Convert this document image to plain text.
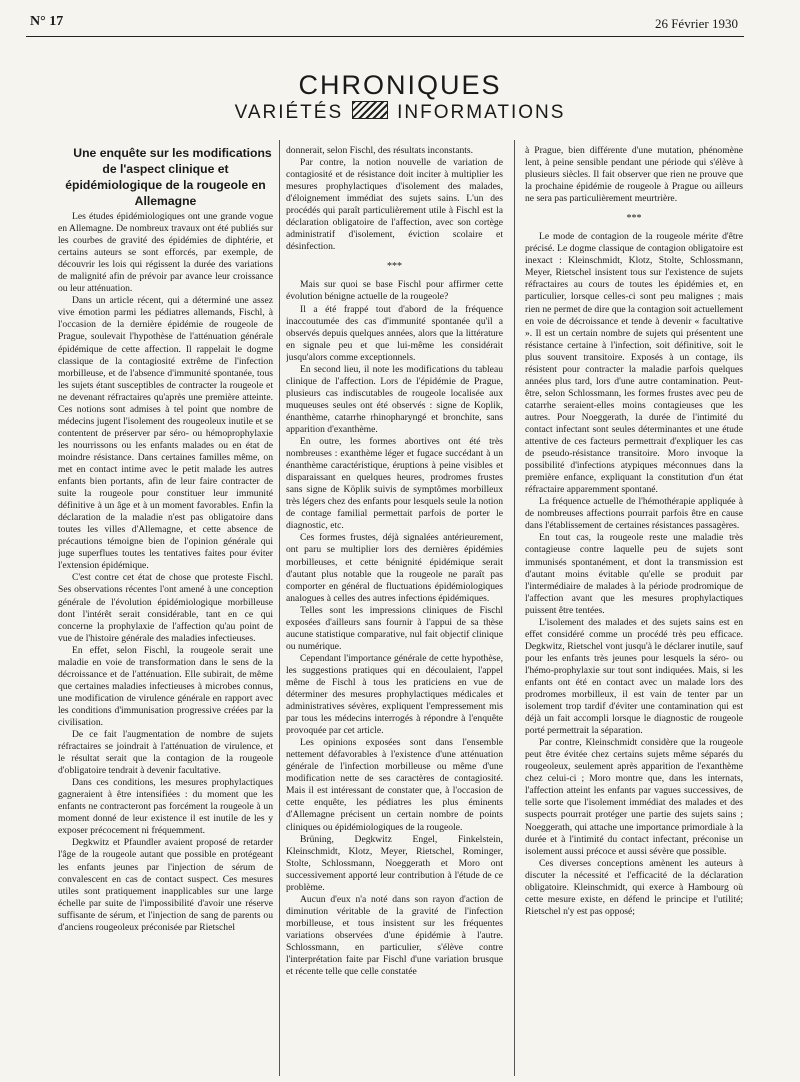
N° 17	26 Février 1930
CHRONIQUES
VARIÉTÉS	INFORMATIONS

Une enquête sur les modifications de l'aspect clinique et épidémiologique de la rougeole en Allemagne

Les études épidémiologiques ont une grande vogue en Allemagne. De nombreux travaux ont été publiés sur les courbes de gravité des épidémies de diphtérie, et certains auteurs se sont efforcés, par exemple, de découvrir les lois qui régissent la durée des variations de malignité afin de prévoir par avance leur croissance ou leur atténuation.

Dans un article récent, qui a déterminé une assez vive émotion parmi les pédiatres allemands, Fischl, à l'occasion de la dernière épidémie de rougeole de Prague, soulevait l'hypothèse de l'atténuation générale épidémique de cette affection. Il rappelait le dogme classique de la contagiosité extrême de l'infection morbilleuse, et de l'absence d'immunité spontanée, tous les sujets étant susceptibles de contracter la rougeole et ne devenant réfractaires qu'après une première atteinte. Ces notions sont admises à tel point que nombre de médecins jugent l'isolement des rougeoleux inutile et se contentent de préserver par séro- ou hémoprophylaxie les nourrissons ou les enfants malades ou en état de moindre résistance. Dans certaines familles même, on met en contact intime avec le petit malade les autres enfants bien portants, afin de leur faire contracter de suite la rougeole pour constituer leur immunité définitive à un âge et à un moment favorables. Enfin la déclaration de la maladie n'est pas obligatoire dans toutes les villes d'Allemagne, et cette absence de précautions témoigne bien de l'opinion générale qui juge superflues toutes les tentatives faites pour éviter l'extension épidémique.

C'est contre cet état de chose que proteste Fischl. Ses observations récentes l'ont amené à une conception générale de l'évolution épidémiologique morbilleuse dont l'intérêt serait considérable, tant en ce qui concerne la prophylaxie de l'affection qu'au point de vue de l'histoire générale des maladies infectieuses.

En effet, selon Fischl, la rougeole serait une maladie en voie de transformation dans le sens de la décroissance et de l'atténuation. Elle subirait, de même que certaines maladies infectieuses à microbes connus, une modification de virulence générale en rapport avec les conditions d'immunisation progressive créées par la civilisation.

De ce fait l'augmentation de nombre de sujets réfractaires se joindrait à l'atténuation de virulence, et le résultat serait que la contagion de la rougeole d'obligatoire tendrait à devenir facultative.

Dans ces conditions, les mesures prophylactiques gagneraient à être intensifiées : du moment que les enfants ne contracteront pas forcément la rougeole à un moment donné de leur existence il est inutile de les y exposer précocement ni fréquemment.

Degkwitz et Pfaundler avaient proposé de retarder l'âge de la rougeole autant que possible en protégeant les enfants jeunes par l'injection de sérum de convalescent en cas de contact suspect. Ces mesures utiles sont pratiquement inapplicables sur une large échelle par suite de l'impossibilité d'avoir une réserve suffisante de sérum, et l'injection de sang de parents ou d'anciens rougeoleux préconisée par Rietschel

donnerait, selon Fischl, des résultats inconstants.

Par contre, la notion nouvelle de variation de contagiosité et de résistance doit inciter à multiplier les mesures prophylactiques d'isolement des malades, d'éloignement immédiat des sujets sains. L'un des procédés qui paraît particulièrement utile à Fischl est la déclaration obligatoire de l'affection, avec son cortège administratif d'isolement, éviction scolaire et désinfection.

***

Mais sur quoi se base Fischl pour affirmer cette évolution bénigne actuelle de la rougeole?

Il a été frappé tout d'abord de la fréquence inaccoutumée des cas d'immunité spontanée qu'il a observés depuis quelques années, alors que la littérature en signale peu et que lui-même les considérait jusqu'alors comme exceptionnels.

En second lieu, il note les modifications du tableau clinique de l'affection. Lors de l'épidémie de Prague, plusieurs cas indiscutables de rougeole localisée aux muqueuses seules ont été observés : signe de Koplik, énanthème, catarrhe rhinopharyngé et bronchite, sans apparition d'exanthème.

En outre, les formes abortives ont été très nombreuses : exanthème léger et fugace succédant à un énanthème caractéristique, éruptions à peine visibles et disparaissant en quelques heures, prodromes frustes sans signe de Köplik suivis de symptômes morbilleux très légers chez des enfants pour lesquels seule la notion de contage familial permettait parfois de porter le diagnostic, etc.

Ces formes frustes, déjà signalées antérieurement, ont paru se multiplier lors des dernières épidémies morbilleuses, et cette bénignité épidémique serait d'autant plus notable que la rougeole ne paraît pas comporter en général de fluctuations épidémiologiques analogues à celles des autres infections épidémiques.

Telles sont les impressions cliniques de Fischl exposées d'ailleurs sans fournir à l'appui de sa thèse aucune statistique comparative, nul fait objectif clinique ou numérique.

Cependant l'importance générale de cette hypothèse, les suggestions pratiques qui en découlaient, l'appel même de Fischl à tous les praticiens en vue de déterminer des mesures prophylactiques médicales et administratives sévères, expliquent l'empressement mis par tous les médecins interrogés à répondre à l'enquête provoquée par cet article.

Les opinions exposées sont dans l'ensemble nettement défavorables à l'existence d'une atténuation générale de l'infection morbilleuse ou même d'une modification nette de ses caractères de contagiosité. Mais il est intéressant de constater que, à l'occasion de cette enquête, les pédiatres les plus éminents d'Allemagne précisent un certain nombre de points cliniques ou épidémiologiques de la rougeole.

Brüning, Degkwitz Engel, Finkelstein, Kleinschmidt, Klotz, Meyer, Rietschel, Rominger, Stolte, Schlossmann, Noeggerath et Moro ont successivement apporté leur contribution à l'étude de ce problème.

Aucun d'eux n'a noté dans son rayon d'action de diminution véritable de la gravité de l'infection morbilleuse, et tous insistent sur les fréquentes variations observées d'une épidémie à l'autre. Schlossmann, en particulier, s'élève contre l'interprétation faite par Fischl d'une variation brusque et récente telle que celle constatée

à Prague, bien différente d'une mutation, phénomène lent, à peine sensible pendant une période qui s'élève à plusieurs siècles. Il fait observer que rien ne prouve que la prochaine épidémie de rougeole à Prague ou ailleurs ne sera pas particulièrement meurtrière.

***

Le mode de contagion de la rougeole mérite d'être précisé. Le dogme classique de contagion obligatoire est inexact : Kleinschmidt, Klotz, Stolte, Schlossmann, Meyer, Rietschel insistent tous sur l'existence de sujets réfractaires au cours de toutes les épidémies et, en particulier, lorsque celles-ci sont peu malignes ; mais rien ne permet de dire que la contagion soit actuellement en voie de décroissance et tende à devenir « facultative ». Il est un certain nombre de sujets qui présentent une résistance certaine à l'infection, soit définitive, soit le plus souvent transitoire. Exposés à un contage, ils résistent pour contracter la maladie parfois quelques années plus tard, lors d'une autre contamination. Peut-être, selon Schlossmann, les formes frustes avec peu de catarrhe seraient-elles moins contagieuses que les autres. Pour Noeggerath, la durée de l'intimité du contact infectant sont seules déterminantes et une étude attentive de ces facteurs permettrait d'expliquer les cas de pseudo-résistance transitoire. Moro invoque la possibilité d'infections atypiques méconnues dans la première enfance, expliquant la constitution d'un état réfractaire apparemment spontané.

La fréquence actuelle de l'hémothérapie appliquée à de nombreuses affections pourrait parfois être en cause dans l'établissement de certaines résistances passagères.

En tout cas, la rougeole reste une maladie très contagieuse contre laquelle peu de sujets sont immunisés spontanément, et dont la transmission est d'autant moins évitable qu'elle se produit par l'intermédiaire de malades à la période prodromique de l'affection avant que les mesures prophylactiques puissent être tentées.

L'isolement des malades et des sujets sains est en effet considéré comme un procédé très peu efficace. Degkwitz, Rietschel vont jusqu'à le déclarer inutile, sauf pour les enfants très jeunes pour lesquels la séro- ou l'hémo-prophylaxie sur tout sont indiquées. Mais, si les enfants ont été en contact avec un malade lors des prodromes morbilleux, il est vain de tenter par un isolement trop tardif d'éviter une contamination qui est déjà un fait accompli lorsque le diagnostic de rougeole porté permettrait la séparation.

Par contre, Kleinschmidt considère que la rougeole peut être évitée chez certains sujets même séparés du rougeoleux, seulement après apparition de l'exanthème chez celui-ci ; Moro montre que, dans les internats, l'affection atteint les enfants par vagues successives, de telle sorte que l'isolement immédiat des malades et des suspects pourrait protéger une partie des sujets sains ; Noeggerath, qui attache une importance primordiale à la durée et à l'intimité du contact infectant, préconise un isolement aussi précoce et aussi sévère que possible.

Ces diverses conceptions amènent les auteurs à discuter la nécessité et l'efficacité de la déclaration obligatoire. Kleinschmidt, qui exerce à Hambourg où cette mesure existe, en défend le principe et l'utilité; Rietschel n'y est pas opposé;
